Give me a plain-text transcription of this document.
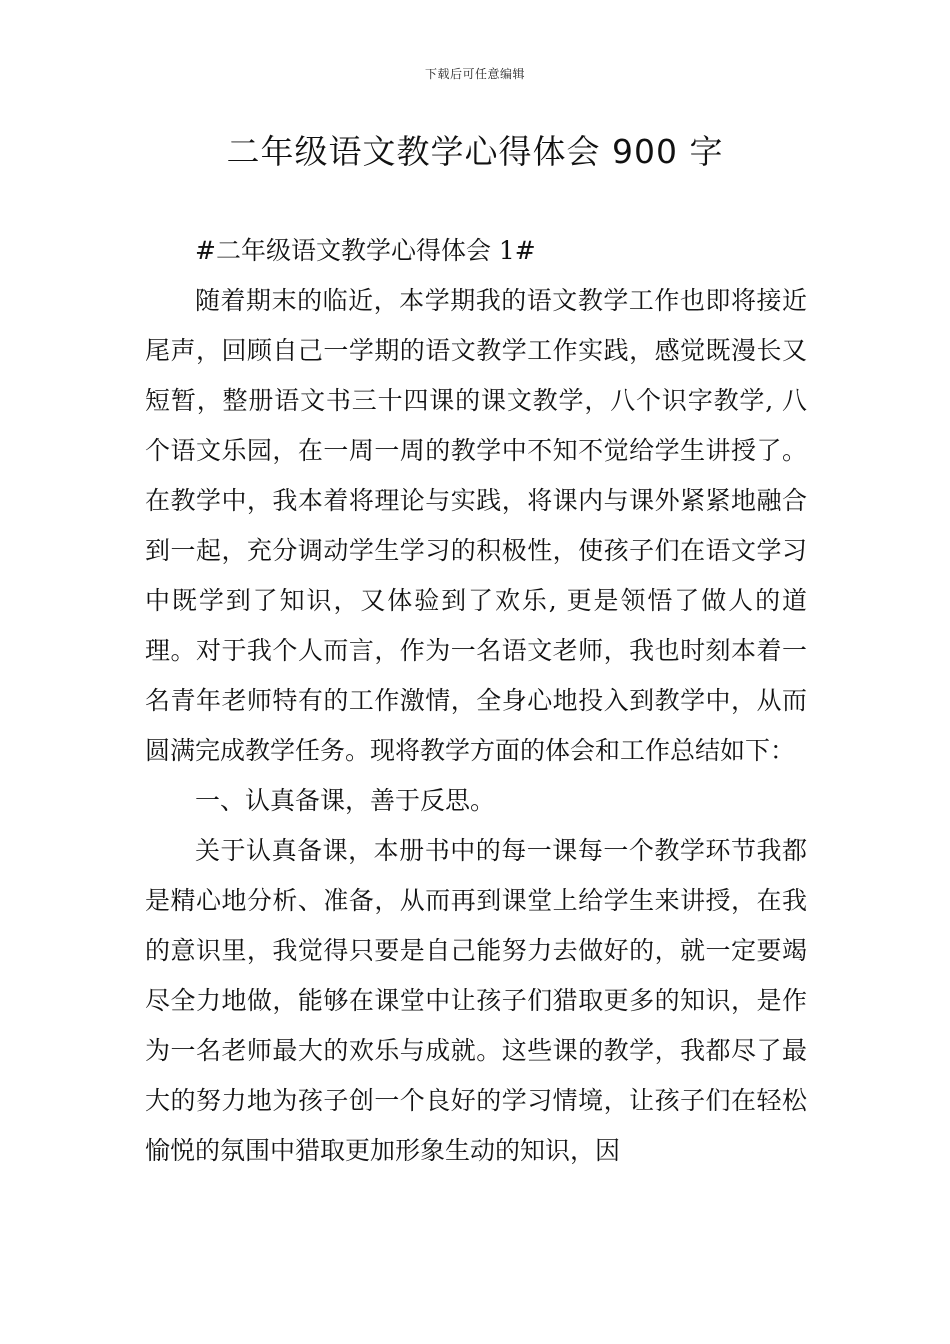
下载后可任意编辑
二年级语文教学心得体会 900 字

#二年级语文教学心得体会 1#

随着期末的临近，本学期我的语文教学工作也即将接近尾声，回顾自己一学期的语文教学工作实践，感觉既漫长又短暂，整册语文书三十四课的课文教学，八个识字教学, 八个语文乐园，在一周一周的教学中不知不觉给学生讲授了。在教学中，我本着将理论与实践，将课内与课外紧紧地融合到一起，充分调动学生学习的积极性，使孩子们在语文学习中既学到了知识，又体验到了欢乐, 更是领悟了做人的道理。对于我个人而言，作为一名语文老师，我也时刻本着一名青年老师特有的工作激情，全身心地投入到教学中，从而圆满完成教学任务。现将教学方面的体会和工作总结如下：

一、认真备课，善于反思。

关于认真备课，本册书中的每一课每一个教学环节我都是精心地分析、准备，从而再到课堂上给学生来讲授，在我的意识里，我觉得只要是自己能努力去做好的，就一定要竭尽全力地做，能够在课堂中让孩子们猎取更多的知识，是作为一名老师最大的欢乐与成就。这些课的教学，我都尽了最大的努力地为孩子创一个良好的学习情境，让孩子们在轻松愉悦的氛围中猎取更加形象生动的知识，因
